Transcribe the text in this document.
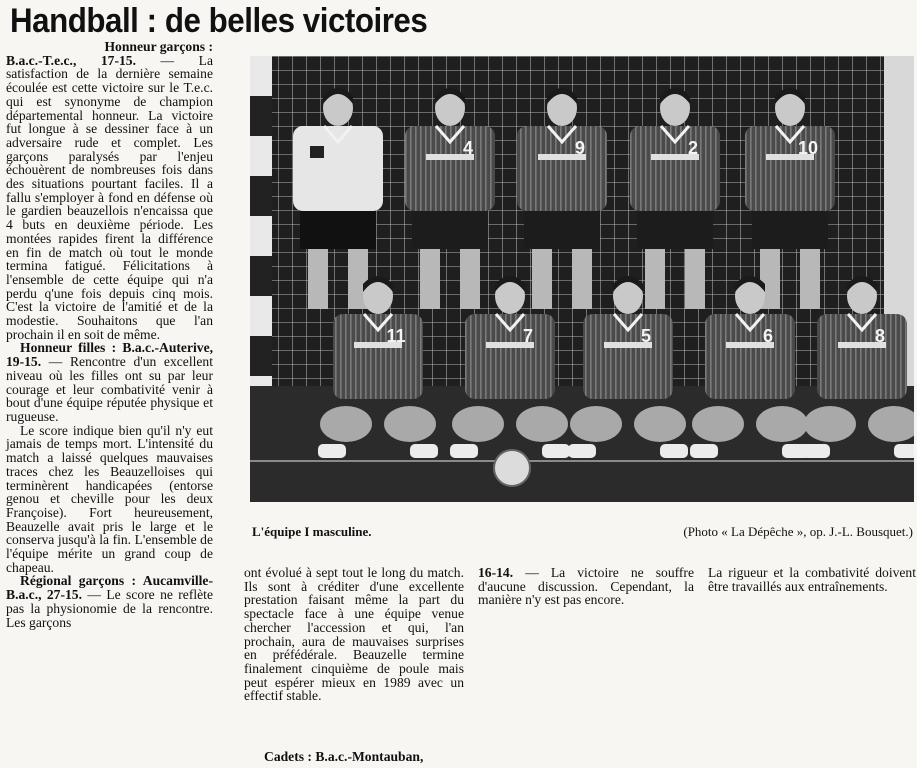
Handball : de belles victoires

Honneur garçons :
B.a.c.-T.e.c., 17-15. — La satisfaction de la dernière semaine écoulée est cette victoire sur le T.e.c. qui est synonyme de champion départemental honneur. La victoire fut longue à se dessiner face à un adversaire rude et complet. Les garçons paralysés par l'enjeu échouèrent de nombreuses fois dans des situations pourtant faciles. Il a fallu s'employer à fond en défense où le gardien beauzellois n'encaissa que 4 buts en deuxième période. Les montées rapides firent la différence en fin de match où tout le monde termina fatigué. Félicitations à l'ensemble de cette équipe qui n'a perdu q'une fois depuis cinq mois. C'est la victoire de l'amitié et de la modestie. Souhaitons que l'an prochain il en soit de même.

Honneur filles : B.a.c.-Auterive, 19-15. — Rencontre d'un excellent niveau où les filles ont su par leur courage et leur combativité venir à bout d'une équipe réputée physique et rugueuse.

Le score indique bien qu'il n'y eut jamais de temps mort. L'intensité du match a laissé quelques mauvaises traces chez les Beauzelloises qui terminèrent handicapées (entorse genou et cheville pour les deux Françoise). Fort heureusement, Beauzelle avait pris le large et le conserva jusqu'à la fin. L'ensemble de l'équipe mérite un grand coup de chapeau.

Régional garçons : Aucamville-B.a.c., 27-15. — Le score ne reflète pas la physionomie de la rencontre. Les garçons

4	9	2	10
11	7	5	6	8
L'équipe I masculine.	(Photo « La Dépêche », op. J.-L. Bousquet.)

ont évolué à sept tout le long du match. Ils sont à créditer d'une excellente prestation faisant même la part du spectacle face à une équipe venue chercher l'accession et qui, l'an prochain, aura de mauvaises surprises en préfédérale. Beauzelle termine finalement cinquième de poule mais peut espérer mieux en 1989 avec un effectif stable.

Cadets : B.a.c.-Montauban,

16-14. — La victoire ne souffre d'aucune discussion. Cependant, la manière n'y est pas encore.

La rigueur et la combativité doivent être travaillés aux entraînements.
